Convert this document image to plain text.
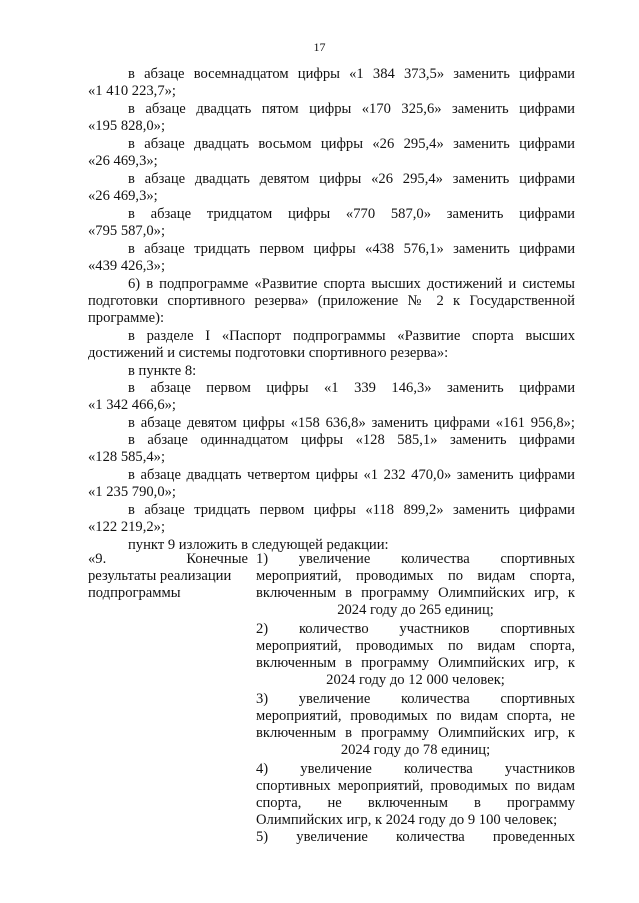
17
в абзаце восемнадцатом цифры «1 384 373,5» заменить цифрами
«1 410 223,7»;
в абзаце двадцать пятом цифры «170 325,6» заменить цифрами
«195 828,0»;
в абзаце двадцать восьмом цифры «26 295,4» заменить цифрами
«26 469,3»;
в абзаце двадцать девятом цифры «26 295,4» заменить цифрами
«26 469,3»;
в абзаце тридцатом цифры «770 587,0» заменить цифрами
«795 587,0»;
в абзаце тридцать первом цифры «438 576,1» заменить цифрами
«439 426,3»;
6) в подпрограмме «Развитие спорта высших достижений и системы
подготовки спортивного резерва» (приложение № 2 к Государственной
программе):
в разделе I «Паспорт подпрограммы «Развитие спорта высших
достижений и системы подготовки спортивного резерва»:
в пункте 8:
в абзаце первом цифры «1 339 146,3» заменить цифрами
«1 342 466,6»;
в абзаце девятом цифры «158 636,8» заменить цифрами «161 956,8»;
в абзаце одиннадцатом цифры «128 585,1» заменить цифрами
«128 585,4»;
в абзаце двадцать четвертом цифры «1 232 470,0» заменить цифрами
«1 235 790,0»;
в абзаце тридцать первом цифры «118 899,2» заменить цифрами
«122 219,2»;
пункт 9 изложить в следующей редакции:
«9. Конечные
результаты реализации
подпрограммы
1) увеличение количества спортивных
мероприятий, проводимых по видам спорта,
включенным в программу Олимпийских игр, к
2024 году до 265 единиц;
2) количество участников спортивных
мероприятий, проводимых по видам спорта,
включенным в программу Олимпийских игр, к
2024 году до 12 000 человек;
3) увеличение количества спортивных
мероприятий, проводимых по видам спорта, не
включенным в программу Олимпийских игр, к
2024 году до 78 единиц;
4) увеличение количества участников
спортивных мероприятий, проводимых по видам
спорта, не включенным в программу
Олимпийских игр, к 2024 году до 9 100 человек;
5) увеличение количества проведенных
